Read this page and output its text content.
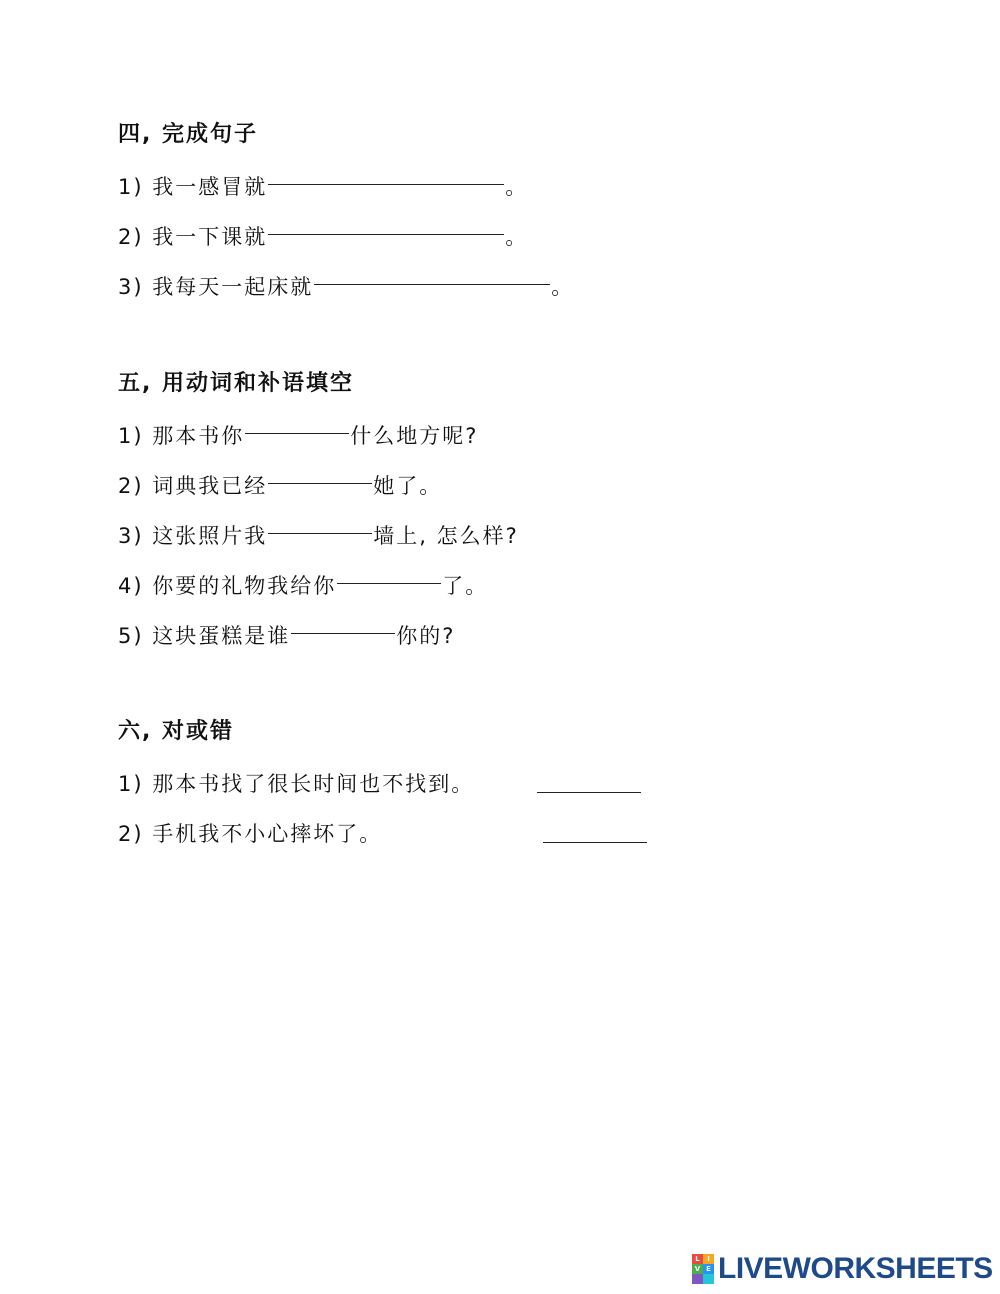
四, 完成句子
1) 我一感冒就	。
2) 我一下课就	。
3) 我每天一起床就	。
五, 用动词和补语填空
1) 那本书你	什么地方呢?
2) 词典我已经	她了。
3) 这张照片我	墙上, 怎么样?
4) 你要的礼物我给你	了。
5) 这块蛋糕是谁	你的?
六, 对或错
1) 那本书找了很长时间也不找到。
2) 手机我不小心摔坏了。
L	I
V E LIVEWORKSHEETS
